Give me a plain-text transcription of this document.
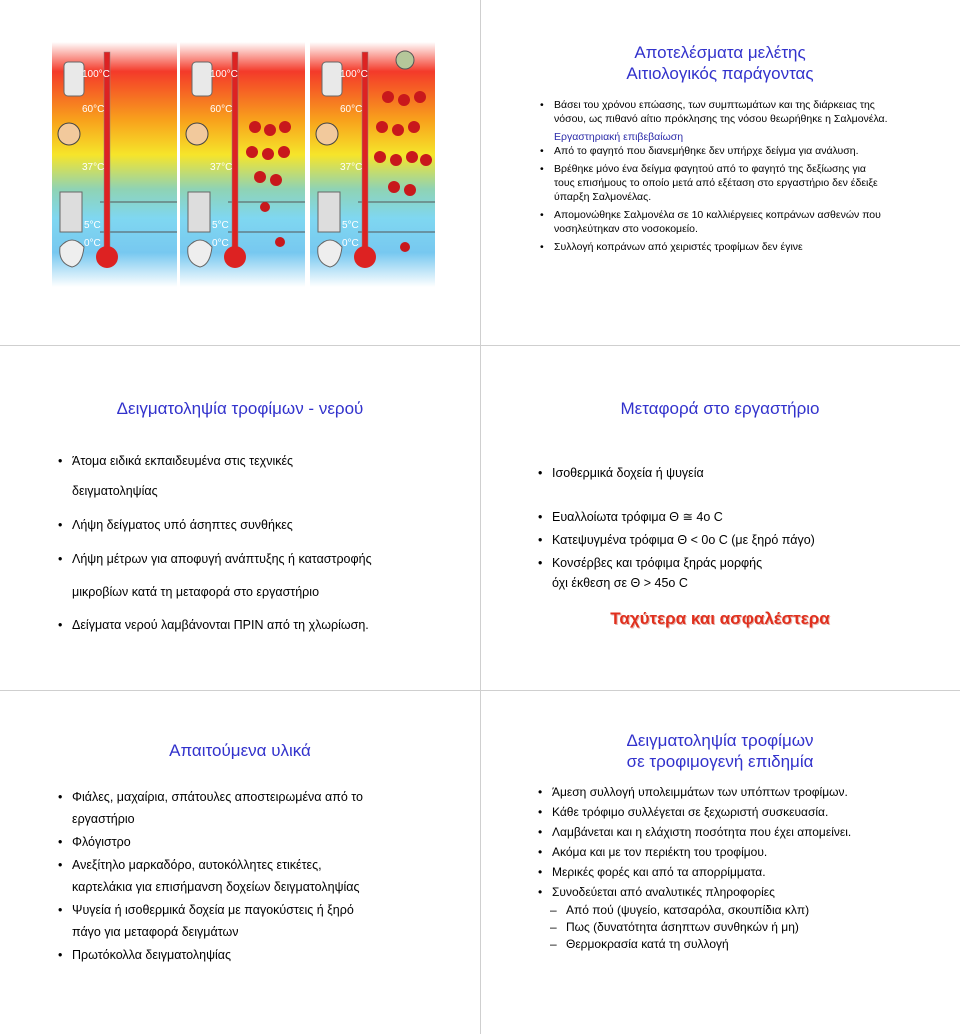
100°C
60°C
37°C
5°C
0°C
100°C
60°C
37°C
5°C
0°C
100°C
60°C
37°C
5°C
0°C

Αποτελέσματα μελέτης

Αιτιολογικός παράγοντας

• Βάσει του χρόνου επώασης, των συμπτωμάτων και της διάρκειας της νόσου, ως πιθανό αίτιο πρόκλησης της νόσου θεωρήθηκε η Σαλμονέλα.
Εργαστηριακή επιβεβαίωση
• Από το φαγητό που διανεμήθηκε δεν υπήρχε δείγμα για ανάλυση.
• Βρέθηκε μόνο ένα δείγμα φαγητού από το φαγητό της δεξίωσης για τους επισήμους το οποίο μετά από εξέταση στο εργαστήριο δεν έδειξε ύπαρξη Σαλμονέλας.
• Απομονώθηκε Σαλμονέλα σε 10 καλλιέργειες κοπράνων ασθενών που νοσηλεύτηκαν στο νοσοκομείο.
• Συλλογή κοπράνων από χειριστές τροφίμων δεν έγινε

Δειγματοληψία τροφίμων - νερού

• Άτομα ειδικά εκπαιδευμένα στις τεχνικές
δειγματοληψίας
• Λήψη δείγματος υπό άσηπτες συνθήκες
• Λήψη μέτρων για αποφυγή ανάπτυξης ή καταστροφής
μικροβίων κατά τη μεταφορά στο εργαστήριο
• Δείγματα νερού λαμβάνονται ΠΡΙΝ από τη χλωρίωση.

Μεταφορά στο εργαστήριο

• Ισοθερμικά δοχεία ή ψυγεία
• Ευαλλοίωτα τρόφιμα Θ ≅ 4ο C
• Κατεψυγμένα τρόφιμα Θ < 0ο C (με ξηρό πάγο)
• Κονσέρβες και τρόφιμα ξηράς μορφής
όχι έκθεση σε Θ > 45ο C

Ταχύτερα και ασφαλέστερα

Απαιτούμενα υλικά

• Φιάλες, μαχαίρια, σπάτουλες αποστειρωμένα από το
εργαστήριο
• Φλόγιστρο
• Ανεξίτηλο μαρκαδόρο, αυτοκόλλητες ετικέτες,
καρτελάκια για επισήμανση δοχείων δειγματοληψίας
• Ψυγεία ή ισοθερμικά δοχεία με παγοκύστεις ή ξηρό
πάγο για μεταφορά δειγμάτων
• Πρωτόκολλα δειγματοληψίας

Δειγματοληψία τροφίμων

σε τροφιμογενή επιδημία

• Άμεση συλλογή υπολειμμάτων των υπόπτων τροφίμων.
• Κάθε τρόφιμο συλλέγεται σε ξεχωριστή συσκευασία.
• Λαμβάνεται και η ελάχιστη ποσότητα που έχει απομείνει.
• Ακόμα και με τον περιέκτη του τροφίμου.
• Μερικές φορές και από τα απορρίμματα.
• Συνοδεύεται από αναλυτικές πληροφορίες
– Από πού (ψυγείο, κατσαρόλα, σκουπίδια κλπ)
– Πως (δυνατότητα άσηπτων συνθηκών ή μη)
– Θερμοκρασία κατά τη συλλογή
